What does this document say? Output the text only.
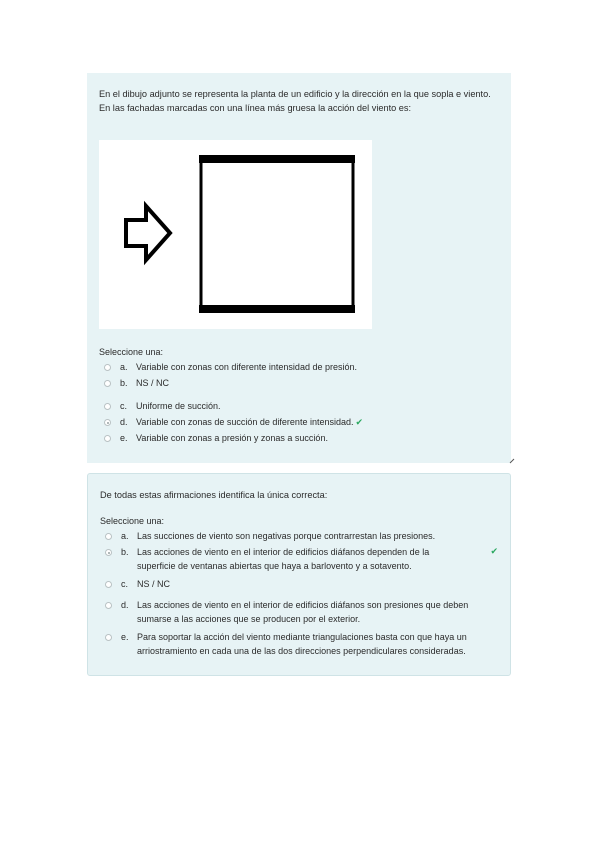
En el dibujo adjunto se representa la planta de un edificio y la dirección en la que sopla e viento. En las fachadas marcadas con una línea más gruesa la acción del viento es:

Seleccione una:

a. Variable con zonas con diferente intensidad de presión.
b. NS / NC
c. Uniforme de succión.
d. Variable con zonas de succión de diferente intensidad. ✔
e. Variable con zonas a presión y zonas a succión.

De todas estas afirmaciones identifica la única correcta:

Seleccione una:

a. Las succiones de viento son negativas porque contrarrestan las presiones.
b. Las acciones de viento en el interior de edificios diáfanos dependen de la superficie de ventanas abiertas que haya a barlovento y a sotavento.
✔
c. NS / NC
d. Las acciones de viento en el interior de edificios diáfanos son presiones que deben sumarse a las acciones que se producen por el exterior.
e. Para soportar la acción del viento mediante triangulaciones basta con que haya un arriostramiento en cada una de las dos direcciones perpendiculares consideradas.
